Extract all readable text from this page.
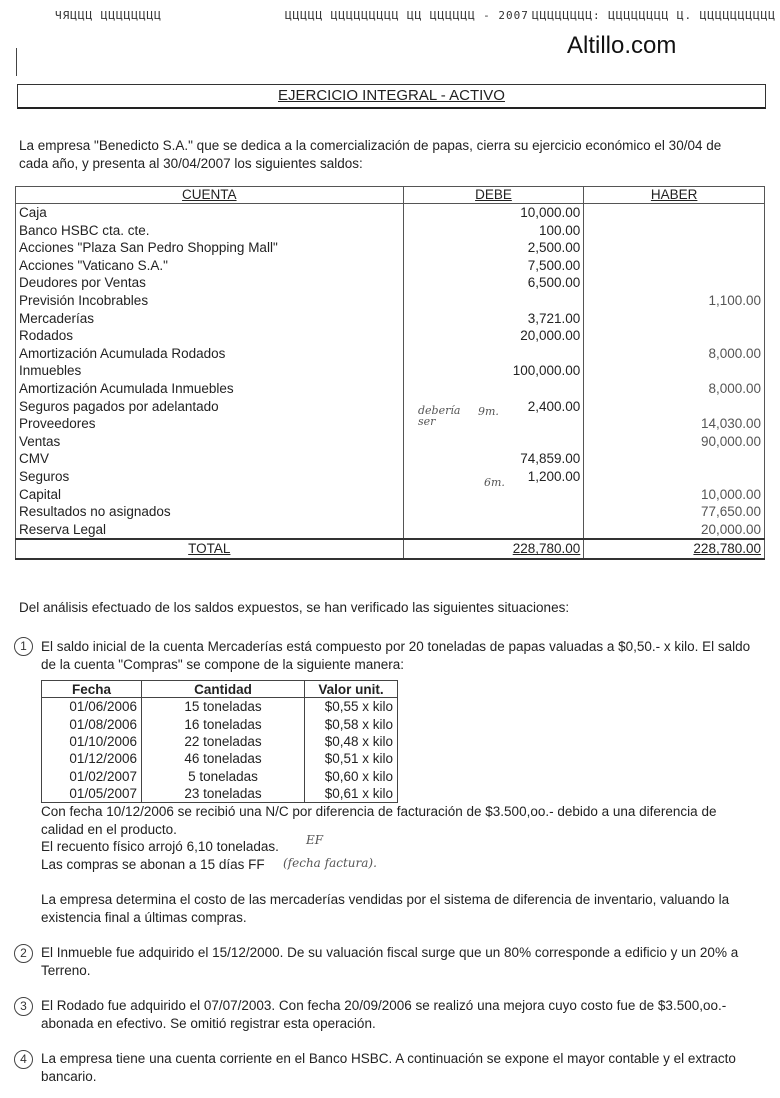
ЧЯЦЦЦ ЦЦЦЦЦЦЦЦ	ЦЦЦЦЦ ЦЦЦЦЦЦЦЦЦ ЦЦ ЦЦЦЦЦЦ - 2007 ЦЦЦЦЦЦЦЦ: ЦЦЦЦЦЦЦЦ Ц. ЦЦЦЦЦЦЦЦЦЦ
Altillo.com
EJERCICIO INTEGRAL - ACTIVO

La empresa "Benedicto S.A." que se dedica a la comercialización de papas, cierra su ejercicio económico el 30/04 de cada año, y presenta al 30/04/2007 los siguientes saldos:

CUENTA	DEBE	HABER
Caja	10,000.00	
Banco HSBC cta. cte.	100.00	
Acciones "Plaza San Pedro Shopping Mall"	2,500.00	
Acciones "Vaticano S.A."	7,500.00	
Deudores por Ventas	6,500.00	
Previsión Incobrables		1,100.00
Mercaderías	3,721.00	
Rodados	20,000.00	
Amortización Acumulada Rodados		8,000.00
Inmuebles	100,000.00	
Amortización Acumulada Inmuebles		8,000.00
Seguros pagados por adelantado	2,400.00	
Proveedores		14,030.00
Ventas		90,000.00
CMV	74,859.00	
Seguros	1,200.00	
Capital		10,000.00
Resultados no asignados		77,650.00
Reserva Legal		20,000.00
TOTAL	228,780.00	228,780.00

Del análisis efectuado de los saldos expuestos, se han verificado las siguientes situaciones:

1	El saldo inicial de la cuenta Mercaderías está compuesto por 20 toneladas de papas valuadas a $0,50.- x kilo. El saldo de la cuenta "Compras" se compone de la siguiente manera:

Fecha	Cantidad	Valor unit.
01/06/2006	15 toneladas	$0,55 x kilo
01/08/2006	16 toneladas	$0,58 x kilo
01/10/2006	22 toneladas	$0,48 x kilo
01/12/2006	46 toneladas	$0,51 x kilo
01/02/2007	5 toneladas	$0,60 x kilo
01/05/2007	23 toneladas	$0,61 x kilo

Con fecha 10/12/2006 se recibió una N/C por diferencia de facturación de $3.500,oo.- debido a una diferencia de calidad en el producto.

El recuento físico arrojó 6,10 toneladas.

Las compras se abonan a 15 días FF (fecha factura).
EF

La empresa determina el costo de las mercaderías vendidas por el sistema de diferencia de inventario, valuando la existencia final a últimas compras.

2	El Inmueble fue adquirido el 15/12/2000. De su valuación fiscal surge que un 80% corresponde a edificio y un 20% a Terreno.

3	El Rodado fue adquirido el 07/07/2003. Con fecha 20/09/2006 se realizó una mejora cuyo costo fue de $3.500,oo.- abonada en efectivo. Se omitió registrar esta operación.

4	La empresa tiene una cuenta corriente en el Banco HSBC. A continuación se expone el mayor contable y el extracto bancario.

debería ser
9m.
6m.
